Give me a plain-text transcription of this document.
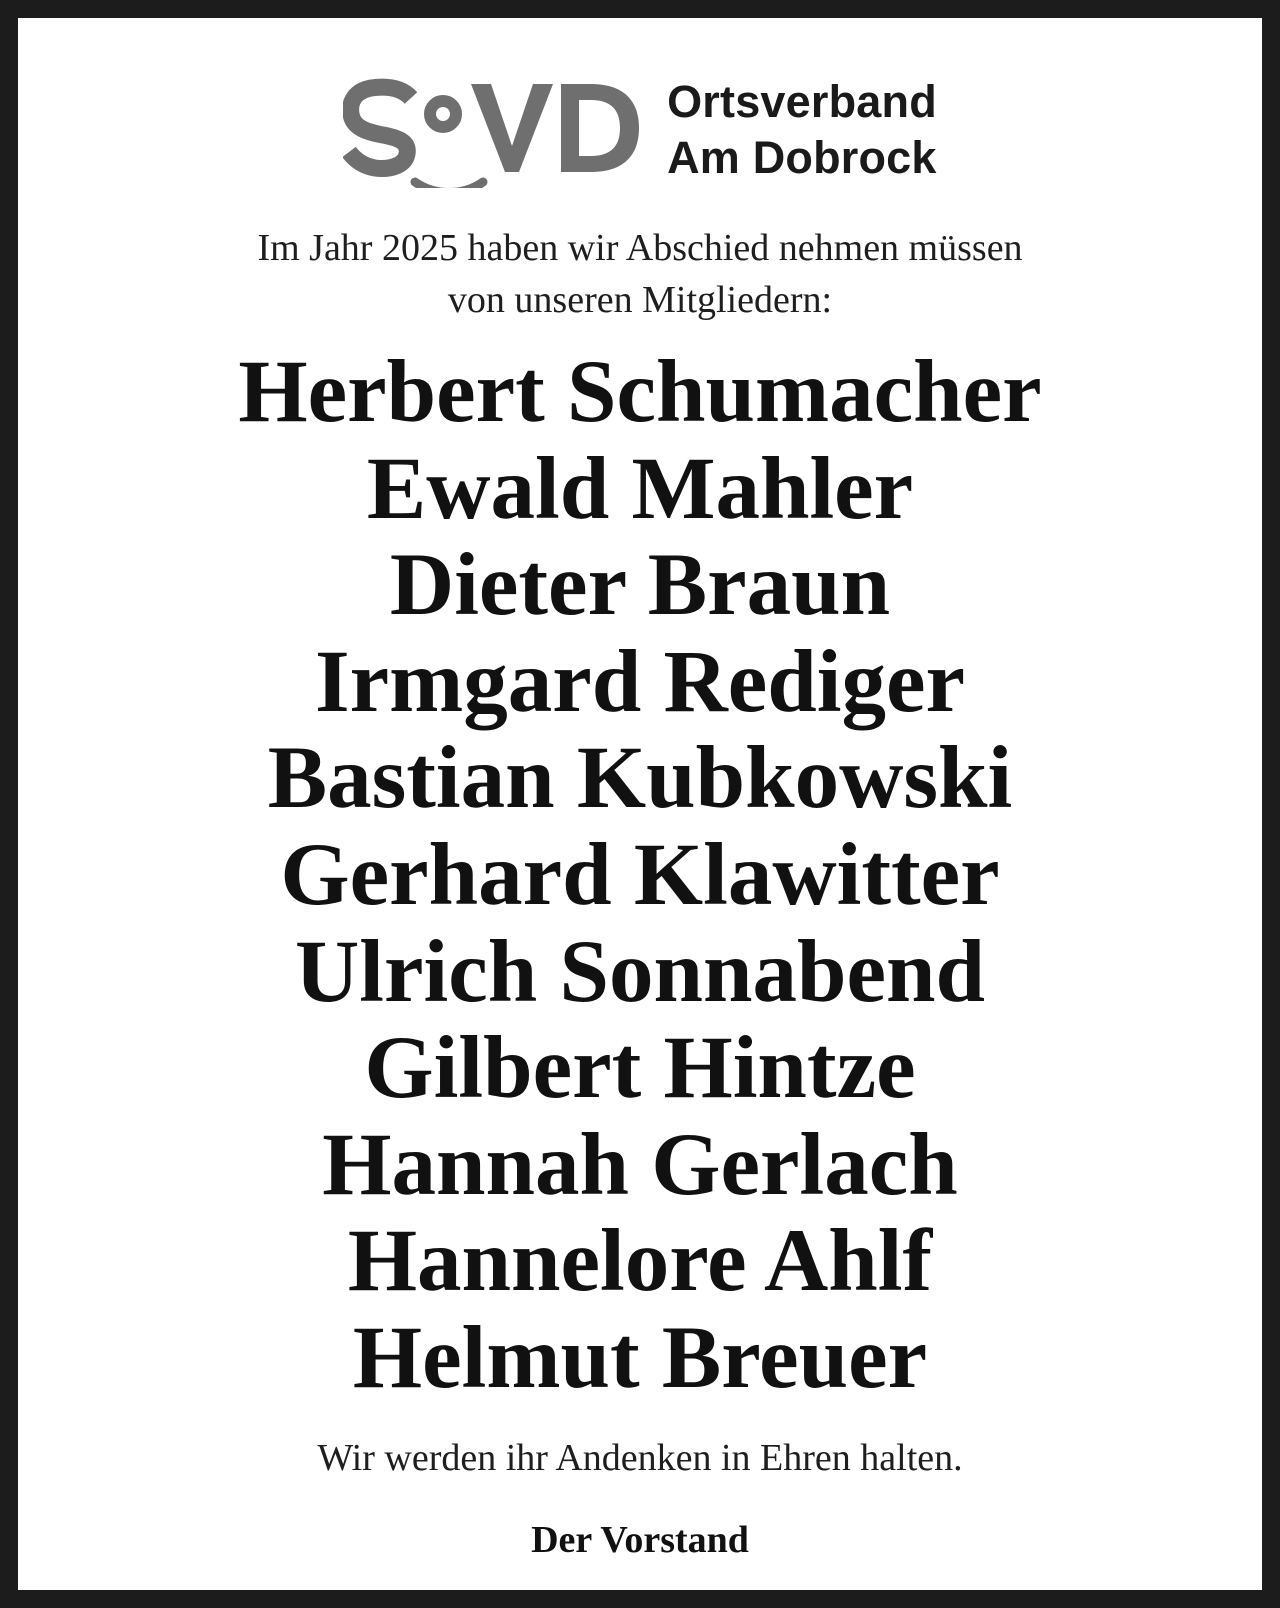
Ortsverband
Am Dobrock
Im Jahr 2025 haben wir Abschied nehmen müssen
von unseren Mitgliedern:
Herbert Schumacher
Ewald Mahler
Dieter Braun
Irmgard Rediger
Bastian Kubkowski
Gerhard Klawitter
Ulrich Sonnabend
Gilbert Hintze
Hannah Gerlach
Hannelore Ahlf
Helmut Breuer
Wir werden ihr Andenken in Ehren halten.
Der Vorstand
